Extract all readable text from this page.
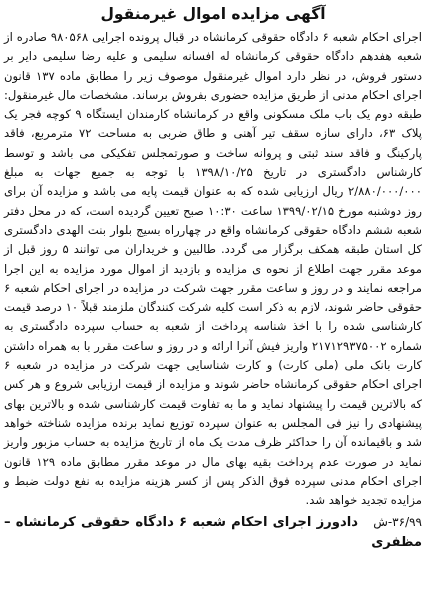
آگهی مزایده اموال غیرمنقول

اجرای احکام شعبه ۶ دادگاه حقوقی کرمانشاه در قبال پرونده اجرایی ۹۸۰۵۶۸ صادره از شعبه هفدهم دادگاه حقوقی کرمانشاه له افسانه سلیمی و علیه رضا سلیمی دایر بر دستور فروش، در نظر دارد اموال غیرمنقول موصوف زیر را مطابق ماده ۱۳۷ قانون اجرای احکام مدنی از طریق مزایده حضوری بفروش برساند. مشخصات مال غیرمنقول: طبقه دوم یک باب ملک مسکونی واقع در کرمانشاه کارمندان ایستگاه ۹ کوچه فجر یک پلاک ۶۳، دارای سازه سقف تیر آهنی و طاق ضربی به مساحت ۷۲ مترمربع، فاقد پارکینگ و فاقد سند ثبتی و پروانه ساخت و صورتمجلس تفکیکی می باشد و توسط کارشناس دادگستری در تاریخ ۱۳۹۸/۱۰/۲۵ با توجه به جمیع جهات به مبلغ ۲/۸۸۰/۰۰۰/۰۰۰ ریال ارزیابی شده که به عنوان قیمت پایه می باشد و مزایده آن برای روز دوشنبه مورخ ۱۳۹۹/۰۲/۱۵ ساعت ۱۰:۳۰ صبح تعیین گردیده است، که در محل دفتر شعبه ششم دادگاه حقوقی کرمانشاه واقع در چهارراه بسیج بلوار بنت الهدی دادگستری کل استان طبقه همکف برگزار می گردد. طالبین و خریداران می توانند ۵ روز قبل از موعد مقرر جهت اطلاع از نحوه ی مزایده و بازدید از اموال مورد مزایده به این اجرا مراجعه نمایند و در روز و ساعت مقرر جهت شرکت در مزایده در اجرای احکام شعبه ۶ حقوقی حاضر شوند، لازم به ذکر است کلیه شرکت کنندگان ملزمند قبلاً ۱۰ درصد قیمت کارشناسی شده را با اخذ شناسه پرداخت از شعبه به حساب سپرده دادگستری به شماره ۲۱۷۱۲۹۳۷۵۰۰۲ واریز فیش آنرا ارائه و در روز و ساعت مقرر با به همراه داشتن کارت بانک ملی (ملی کارت) و کارت شناسایی جهت شرکت در مزایده در شعبه ۶ اجرای احکام حقوقی کرمانشاه حاضر شوند و مزایده از قیمت ارزیابی شروع و هر کس که بالاترین قیمت را پیشنهاد نماید و ما به تفاوت قیمت کارشناسی شده و بالاترین بهای پیشنهادی را نیز فی المجلس به عنوان سپرده توزیع نماید برنده مزایده شناخته خواهد شد و باقیمانده آن را حداکثر ظرف مدت یک ماه از تاریخ مزایده به حساب مزبور واریز نماید در صورت عدم پرداخت بقیه بهای مال در موعد مقرر مطابق ماده ۱۲۹ قانون اجرای احکام مدنی سپرده فوق الذکر پس از کسر هزینه مزایده به نفع دولت ضبط و مزایده تجدید خواهد شد.

۳۶/۹۹-ش دادورز اجرای احکام شعبه ۶ دادگاه حقوقی کرمانشاه – مظفری
